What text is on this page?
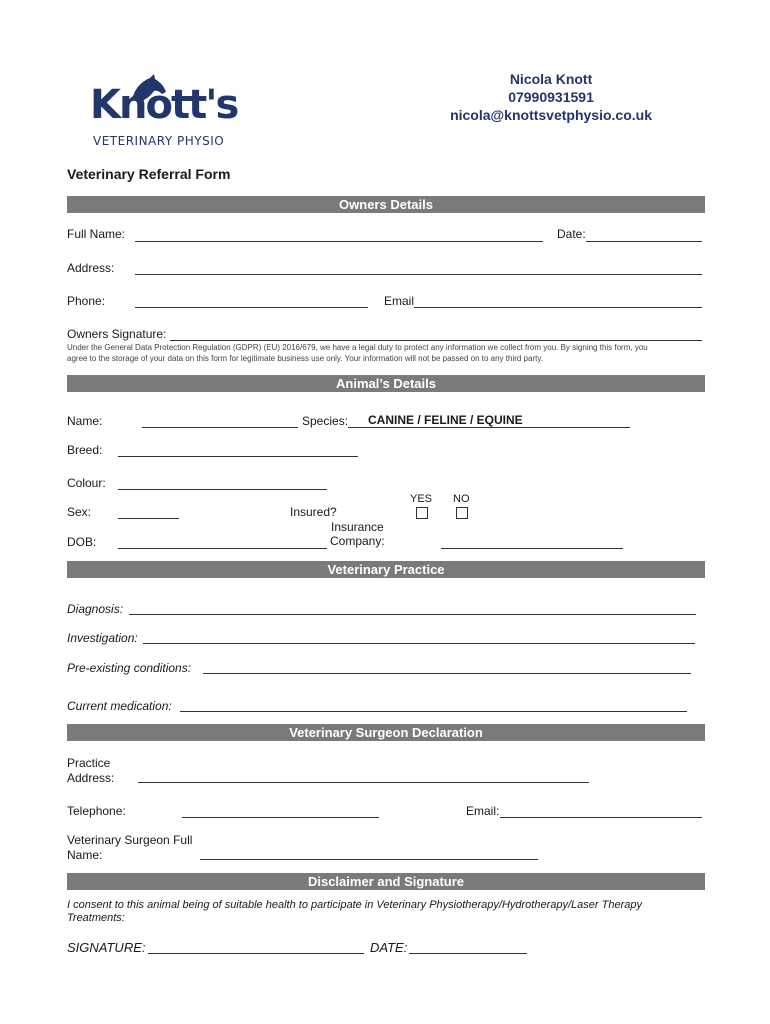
Knott's
VETERINARY PHYSIO
Nicola Knott
07990931591
nicola@knottsvetphysio.co.uk
Veterinary Referral Form
Owners Details
Full Name:	Date:
Address:
Phone:	Email
Owners Signature:
Under the General Data Protection Regulation (GDPR) (EU) 2016/679, we have a legal duty to protect any information we collect from you. By signing this form, you
agree to the storage of your data on this form for legitimate business use only. Your information will not be passed on to any third party.
Animal’s Details
Name:	Species: CANINE / FELINE / EQUINE
Breed:
Colour:
YES NO
Sex:	Insured?
Insurance
Company:
DOB:
Veterinary Practice
Diagnosis:
Investigation:
Pre-existing conditions:
Current medication:
Veterinary Surgeon Declaration
Practice
Address:
Telephone:	Email:
Veterinary Surgeon Full
Name:
Disclaimer and Signature
I consent to this animal being of suitable health to participate in Veterinary Physiotherapy/Hydrotherapy/Laser Therapy
Treatments:
SIGNATURE:	DATE:
